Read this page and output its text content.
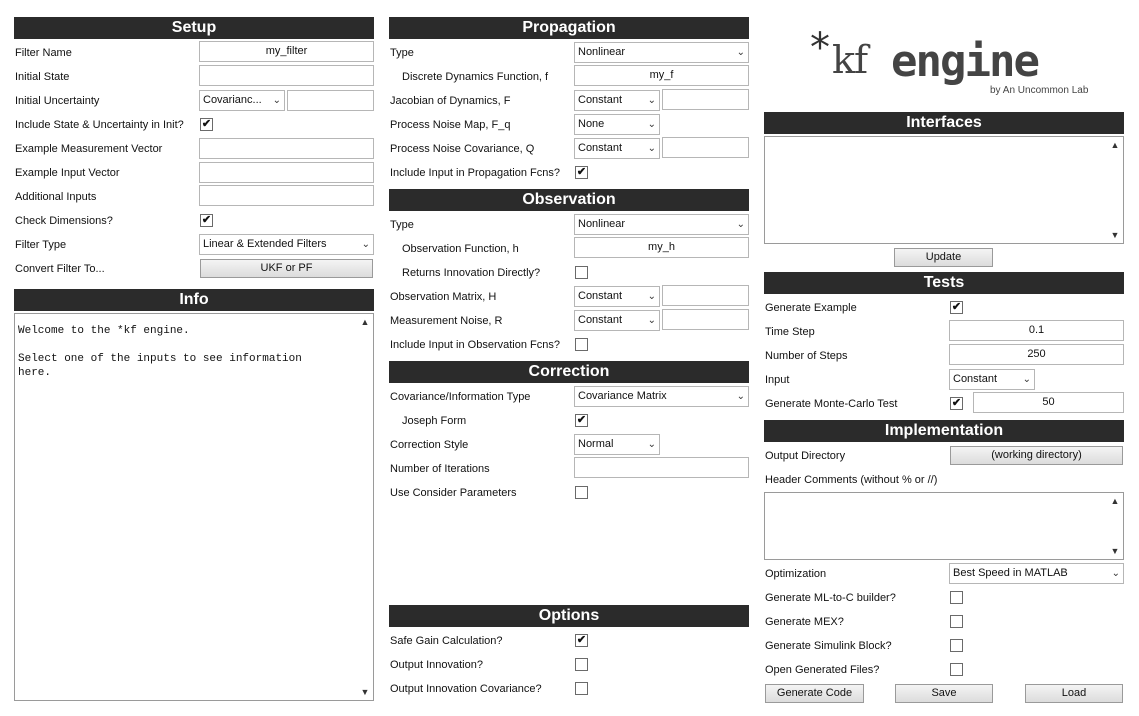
Setup
Filter Name	my_filter
Initial State
Initial Uncertainty	Covarianc... ⌄
Include State & Uncertainty in Init? ✔
Example Measurement Vector
Example Input Vector
Additional Inputs
Check Dimensions?	✔
Filter Type	Linear & Extended Filters	⌄
Convert Filter To...	UKF or PF
Info
Welcome to the *kf engine.

Select one of the inputs to see information
here.
▲
▼
Propagation
Type	Nonlinear	⌄
Discrete Dynamics Function, f	my_f
Jacobian of Dynamics, F	Constant	⌄
Process Noise Map, F_q	None	⌄
Process Noise Covariance, Q	Constant	⌄
Include Input in Propagation Fcns? ✔
Observation
Type	Nonlinear	⌄
Observation Function, h	my_h
Returns Innovation Directly?
Observation Matrix, H	Constant	⌄
Measurement Noise, R	Constant	⌄
Include Input in Observation Fcns?
Correction
Covariance/Information Type	Covariance Matrix	⌄
Joseph Form	✔
Correction Style	Normal	⌄
Number of Iterations
Use Consider Parameters
Options
Safe Gain Calculation?	✔
Output Innovation?
Output Innovation Covariance?
* kf engine
by An Uncommon Lab
Interfaces
▲
▼
Update
Tests
Generate Example	✔
Time Step	0.1
Number of Steps	250
Input	Constant	⌄
Generate Monte-Carlo Test	✔	50
Implementation
Output Directory	(working directory)
Header Comments (without % or //)
▲
▼
Optimization	Best Speed in MATLAB	⌄
Generate ML-to-C builder?
Generate MEX?
Generate Simulink Block?
Open Generated Files?
Generate Code	Save	Load
